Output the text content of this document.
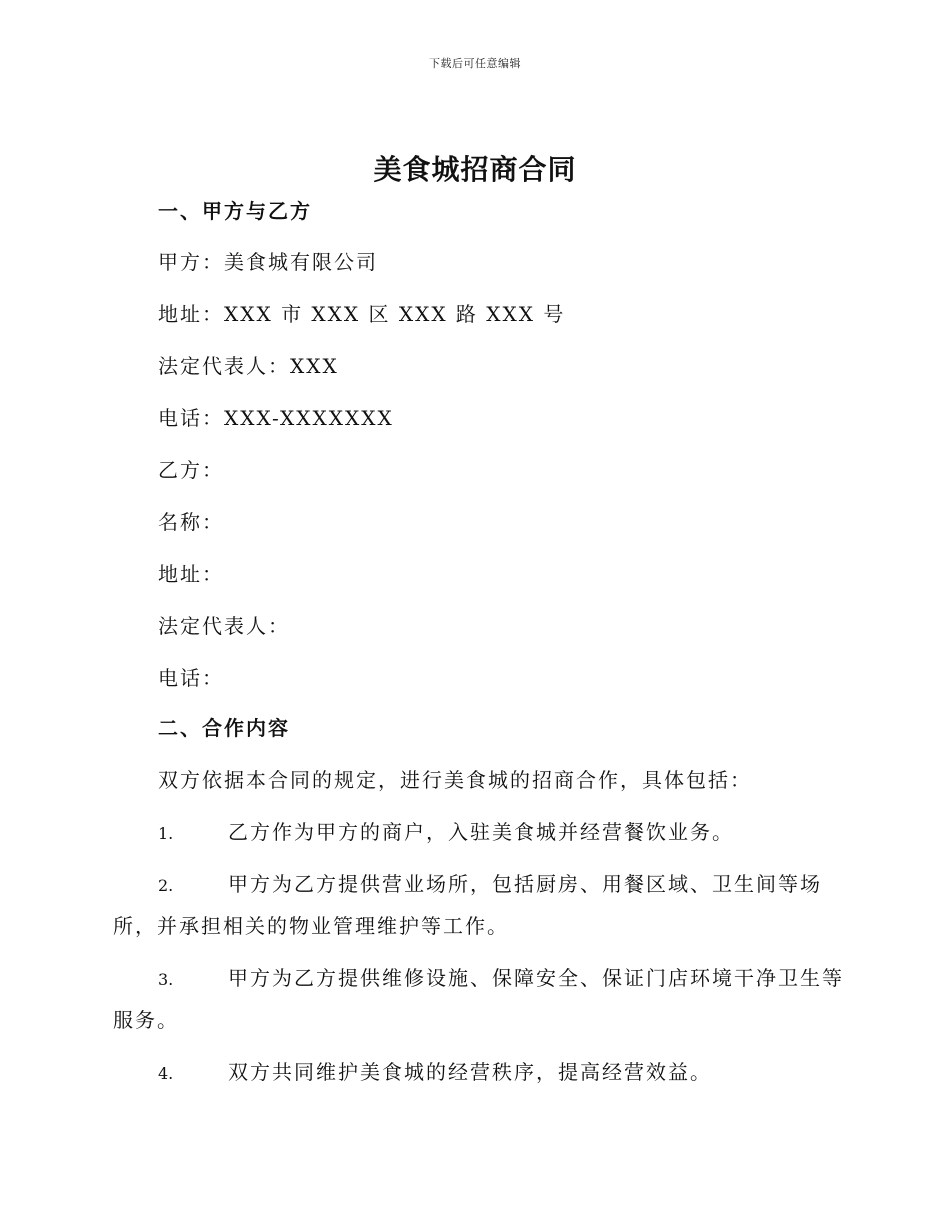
下载后可任意编辑
美食城招商合同
一、甲方与乙方
甲方：美食城有限公司
地址：XXX 市 XXX 区 XXX 路 XXX 号
法定代表人：XXX
电话：XXX-XXXXXXX
乙方：
名称：
地址：
法定代表人：
电话：
二、合作内容
双方依据本合同的规定，进行美食城的招商合作，具体包括：
1.	乙方作为甲方的商户，入驻美食城并经营餐饮业务。
2.	甲方为乙方提供营业场所，包括厨房、用餐区域、卫生间等场
所，并承担相关的物业管理维护等工作。
3.	甲方为乙方提供维修设施、保障安全、保证门店环境干净卫生等
服务。
4.	双方共同维护美食城的经营秩序，提高经营效益。
